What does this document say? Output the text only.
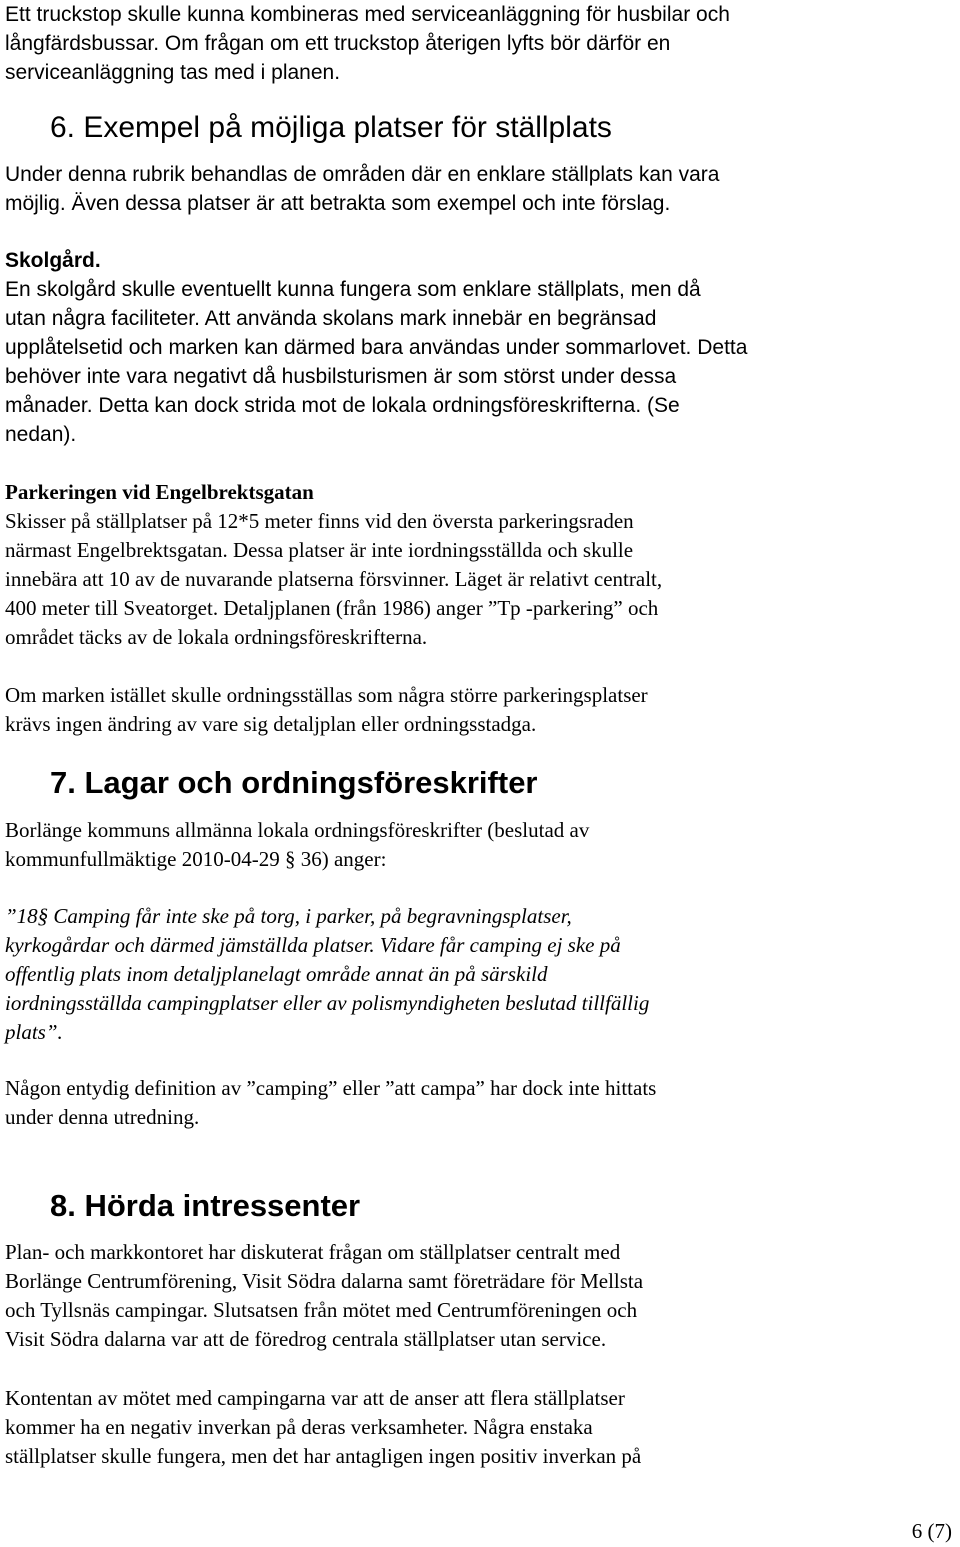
Ett truckstop skulle kunna kombineras med serviceanläggning för husbilar och
långfärdsbussar. Om frågan om ett truckstop återigen lyfts bör därför en
serviceanläggning tas med i planen.
6. Exempel på möjliga platser för ställplats
Under denna rubrik behandlas de områden där en enklare ställplats kan vara
möjlig. Även dessa platser är att betrakta som exempel och inte förslag.
Skolgård.
En skolgård skulle eventuellt kunna fungera som enklare ställplats, men då
utan några faciliteter. Att använda skolans mark innebär en begränsad
upplåtelsetid och marken kan därmed bara användas under sommarlovet. Detta
behöver inte vara negativt då husbilsturismen är som störst under dessa
månader. Detta kan dock strida mot de lokala ordningsföreskrifterna. (Se
nedan).
Parkeringen vid Engelbrektsgatan
Skisser på ställplatser på 12*5 meter finns vid den översta parkeringsraden
närmast Engelbrektsgatan. Dessa platser är inte iordningsställda och skulle
innebära att 10 av de nuvarande platserna försvinner. Läget är relativt centralt,
400 meter till Sveatorget. Detaljplanen (från 1986) anger ”Tp -parkering” och
området täcks av de lokala ordningsföreskrifterna.
Om marken istället skulle ordningsställas som några större parkeringsplatser
krävs ingen ändring av vare sig detaljplan eller ordningsstadga.
7. Lagar och ordningsföreskrifter
Borlänge kommuns allmänna lokala ordningsföreskrifter (beslutad av
kommunfullmäktige 2010-04-29 § 36) anger:
”18§ Camping får inte ske på torg, i parker, på begravningsplatser,
kyrkogårdar och därmed jämställda platser. Vidare får camping ej ske på
offentlig plats inom detaljplanelagt område annat än på särskild
iordningsställda campingplatser eller av polismyndigheten beslutad tillfällig
plats”.
Någon entydig definition av ”camping” eller ”att campa” har dock inte hittats
under denna utredning.
8. Hörda intressenter
Plan- och markkontoret har diskuterat frågan om ställplatser centralt med
Borlänge Centrumförening, Visit Södra dalarna samt företrädare för Mellsta
och Tyllsnäs campingar. Slutsatsen från mötet med Centrumföreningen och
Visit Södra dalarna var att de föredrog centrala ställplatser utan service.
Kontentan av mötet med campingarna var att de anser att flera ställplatser
kommer ha en negativ inverkan på deras verksamheter. Några enstaka
ställplatser skulle fungera, men det har antagligen ingen positiv inverkan på
6 (7)
